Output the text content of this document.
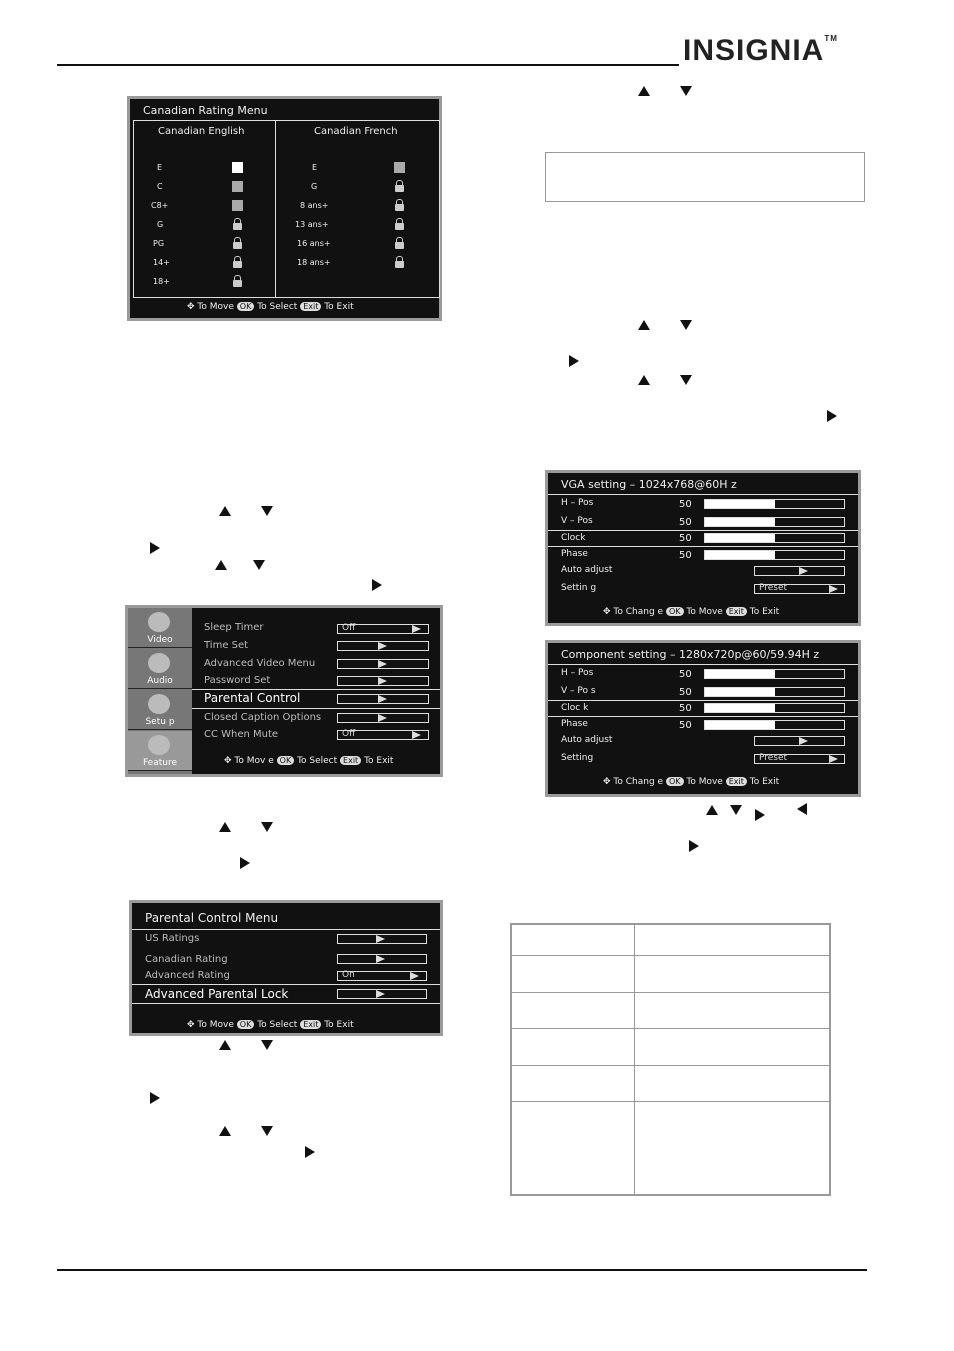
INSIGNIA™
Canadian Rating Menu
Canadian English	Canadian French
E
C
C8+
G
PG
14+
18+
E
G
8 ans+
13 ans+
16 ans+
18 ans+
✥ To Move OK To Select Exit To Exit
Video
Audio
Setu p
Feature
Sleep Timer	Off
Time Set
Advanced Video Menu
Password Set
Parental Control
Closed Caption Options
CC When Mute	Off
✥ To Mov e OK To Select Exit To Exit
Parental Control Menu
US Ratings
Canadian Rating
Advanced Rating	On
Advanced Parental Lock
✥ To Move OK To Select Exit To Exit
VGA setting – 1024x768@60H z
H – Pos	50
V – Pos	50
Clock	50
Phase	50
Auto adjust
Settin g	Preset
✥ To Chang e OK To Move Exit To Exit
Component setting – 1280x720p@60/59.94H z
H – Pos	50
V – Po s	50
Cloc k	50
Phase	50
Auto adjust
Setting	Preset
✥ To Chang e OK To Move Exit To Exit
